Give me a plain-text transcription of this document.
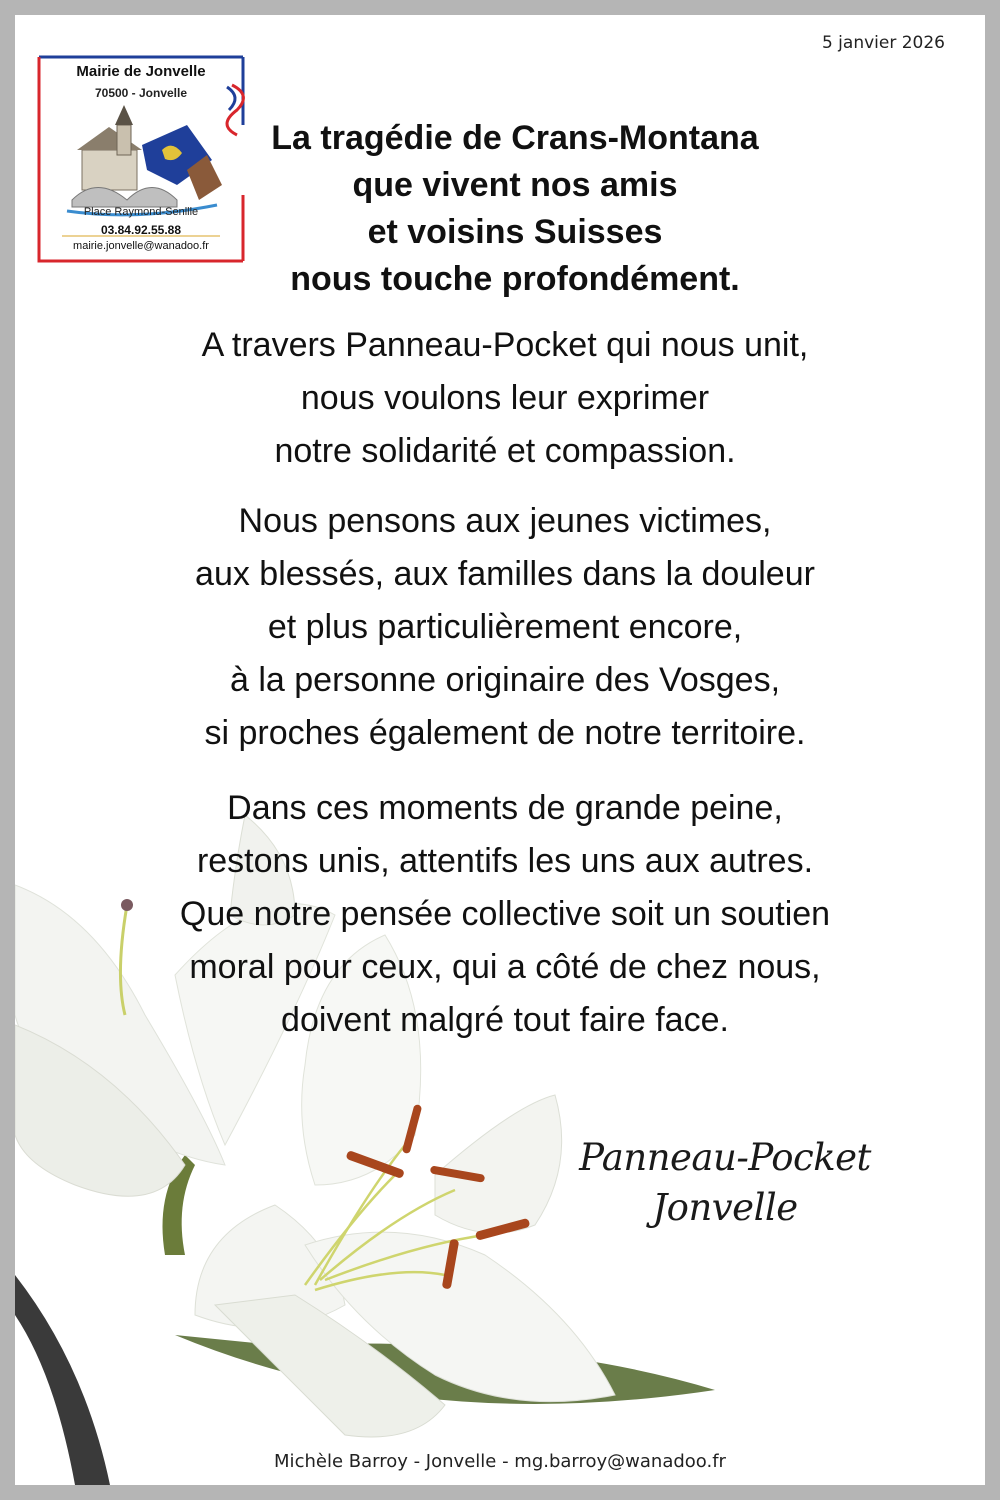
5 janvier 2026
Mairie de Jonvelle
70500 - Jonvelle
Place Raymond-Senllle
03.84.92.55.88
mairie.jonvelle@wanadoo.fr
La tragédie de Crans-Montana
que vivent nos amis
et voisins Suisses
nous touche profondément.
A travers Panneau-Pocket qui nous unit,
nous voulons leur exprimer
notre solidarité et compassion.
Nous pensons aux jeunes victimes,
aux blessés, aux familles dans la douleur
et plus particulièrement encore,
à la personne originaire des Vosges,
si proches également de notre territoire.
Dans ces moments de grande peine,
restons unis, attentifs les uns aux autres.
Que notre pensée collective soit un soutien
moral pour ceux, qui a côté de chez nous,
doivent malgré tout faire face.
Panneau-Pocket
Jonvelle
Michèle Barroy - Jonvelle - mg.barroy@wanadoo.fr
